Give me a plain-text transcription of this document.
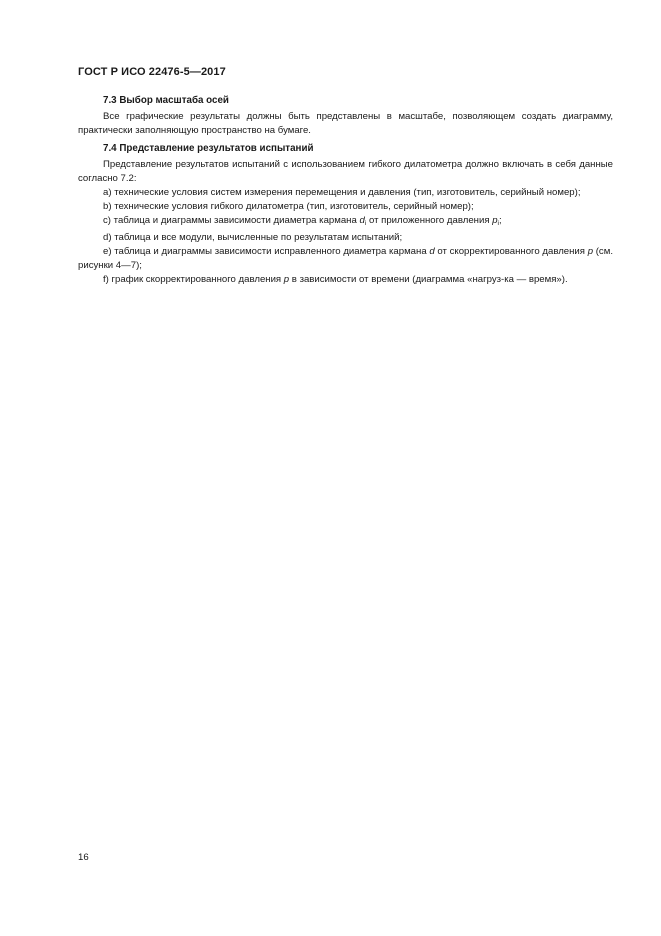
ГОСТ Р ИСО 22476-5—2017

7.3 Выбор масштаба осей

Все графические результаты должны быть представлены в масштабе, позволяющем создать диаграмму, практически заполняющую пространство на бумаге.

7.4 Представление результатов испытаний

Представление результатов испытаний с использованием гибкого дилатометра должно включать в себя данные согласно 7.2:

a) технические условия систем измерения перемещения и давления (тип, изготовитель, серийный номер);

b) технические условия гибкого дилатометра (тип, изготовитель, серийный номер);

c) таблица и диаграммы зависимости диаметра кармана $d_i$ от приложенного давления $p_i$;

d) таблица и все модули, вычисленные по результатам испытаний;

e) таблица и диаграммы зависимости исправленного диаметра кармана d от скорректированного давления p (см. рисунки 4—7);

f) график скорректированного давления p в зависимости от времени (диаграмма «нагруз-ка — время»).

16
